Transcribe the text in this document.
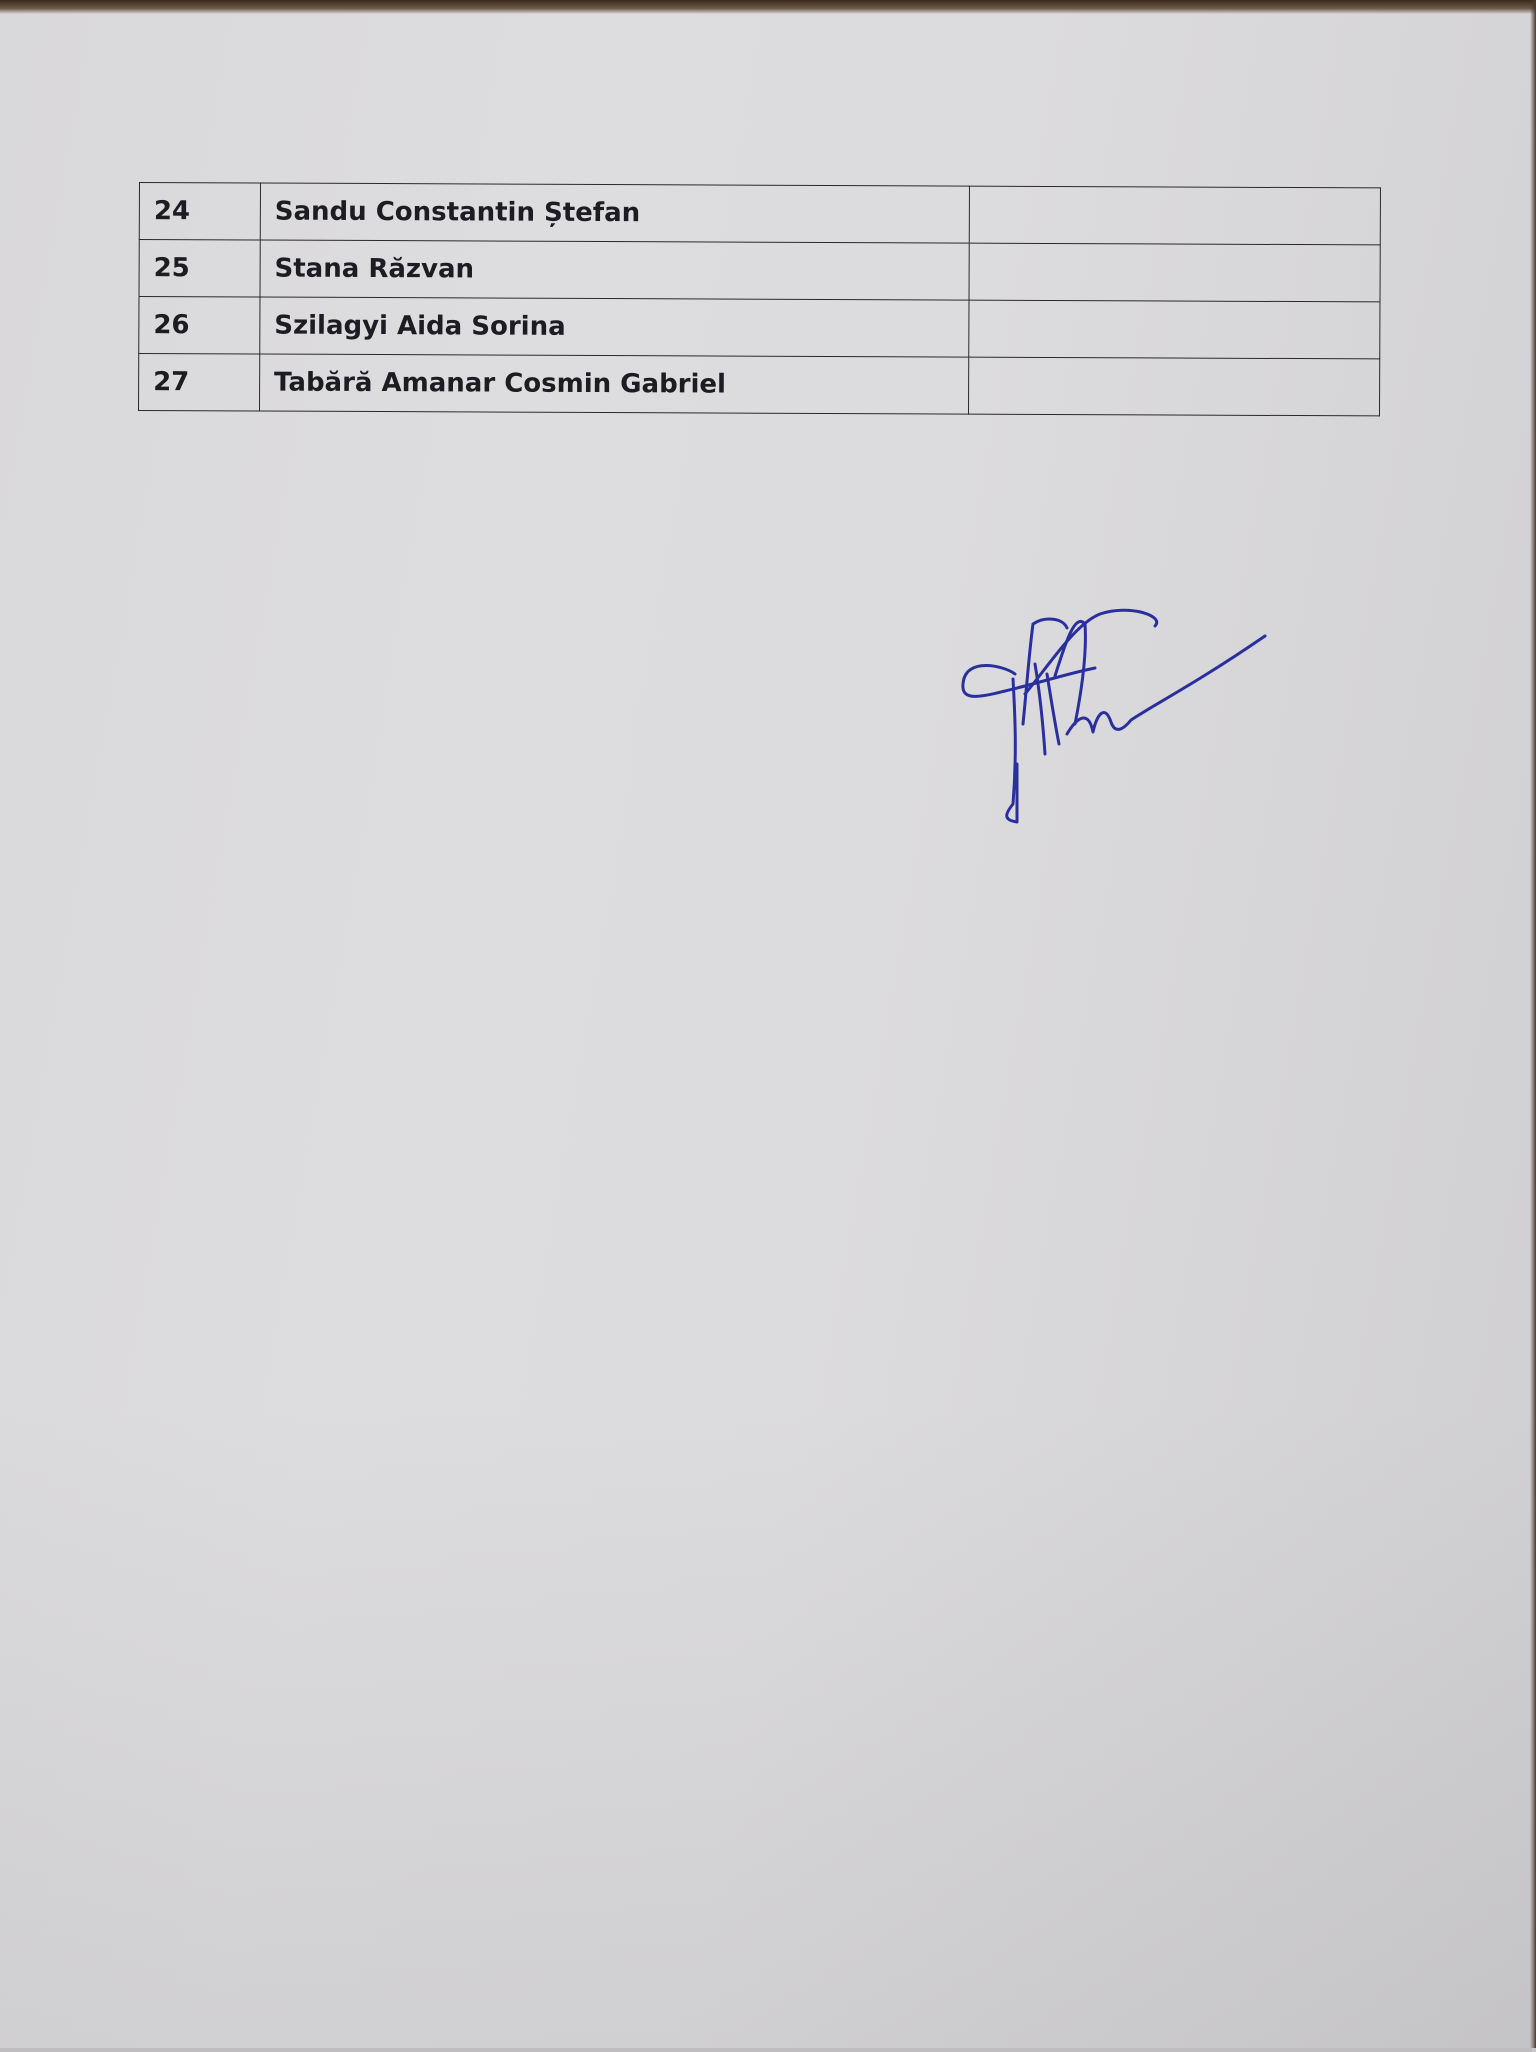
24	Sandu Constantin Ștefan	
25	Stana Răzvan	
26	Szilagyi Aida Sorina	
27	Tabără Amanar Cosmin Gabriel	
